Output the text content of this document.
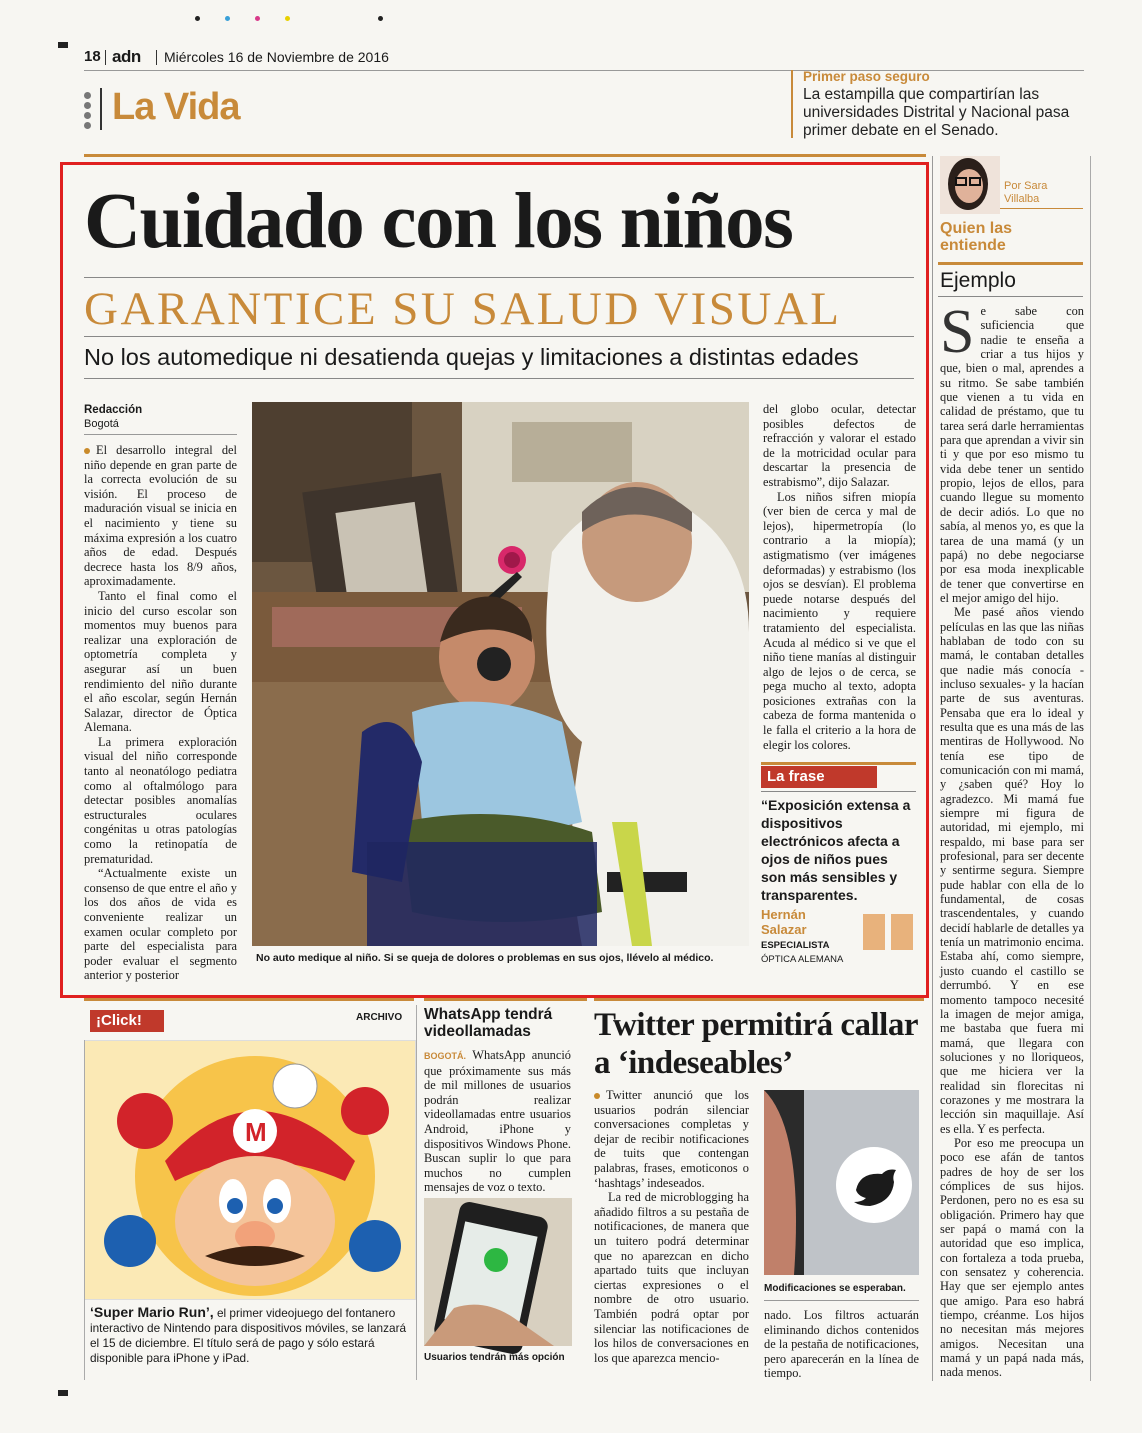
18 adn Miércoles 16 de Noviembre de 2016
La Vida
Primer paso seguro
La estampilla que compartirían las universidades Distrital y Nacional pasa primer debate en el Senado.
Cuidado con los niños
GARANTICE SU SALUD VISUAL
No los automedique ni desatienda quejas y limitaciones a distintas edades
Redacción
Bogotá

El desarrollo integral del niño depende en gran parte de la correcta evolución de su visión. El proceso de maduración visual se inicia en el nacimiento y tiene su máxima expresión a los cuatro años de edad. Después decrece hasta los 8/9 años, aproximadamente.

Tanto el final como el inicio del curso escolar son momentos muy buenos para realizar una exploración de optometría completa y asegurar así un buen rendimiento del niño durante el año escolar, según Hernán Salazar, director de Óptica Alemana.

La primera exploración visual del niño corresponde tanto al neonatólogo pediatra como al oftalmólogo para detectar posibles anomalías estructurales oculares congénitas u otras patologías como la retinopatía de prematuridad.

“Actualmente existe un consenso de que entre el año y los dos años de vida es conveniente realizar un examen ocular completo por parte del especialista para poder evaluar el segmento anterior y posterior

No auto medique al niño. Si se queja de dolores o problemas en sus ojos, llévelo al médico.

del globo ocular, detectar posibles defectos de refracción y valorar el estado de la motricidad ocular para descartar la presencia de estrabismo”, dijo Salazar.

Los niños sifren miopía (ver bien de cerca y mal de lejos), hipermetropía (lo contrario a la miopía); astigmatismo (ver imágenes deformadas) y estrabismo (los ojos se desvían). El problema puede notarse después del nacimiento y requiere tratamiento del especialista. Acuda al médico si ve que el niño tiene manías al distinguir algo de lejos o de cerca, se pega mucho al texto, adopta posiciones extrañas con la cabeza de forma mantenida o le falla el criterio a la hora de elegir los colores.

La frase
“Exposición extensa a dispositivos electrónicos afecta a ojos de niños pues son más sensibles y transparentes.
Hernán Salazar
ESPECIALISTA
ÓPTICA ALEMANA
Por Sara Villalba
Quien las entiende
Ejemplo

Se sabe con suficiencia que nadie te enseña a criar a tus hijos y que, bien o mal, aprendes a su ritmo. Se sabe también que vienen a tu vida en calidad de préstamo, que tu tarea será darle herramientas para que aprendan a vivir sin ti y que por eso mismo tu vida debe tener un sentido propio, lejos de ellos, para cuando llegue su momento de decir adiós. Lo que no sabía, al menos yo, es que la tarea de una mamá (y un papá) no debe negociarse por esa moda inexplicable de tener que convertirse en el mejor amigo del hijo.

Me pasé años viendo películas en las que las niñas hablaban de todo con su mamá, le contaban detalles que nadie más conocía -incluso sexuales- y la hacían parte de sus aventuras. Pensaba que era lo ideal y resulta que es una más de las mentiras de Hollywood. No tenía ese tipo de comunicación con mi mamá, y ¿saben qué? Hoy lo agradezco. Mi mamá fue siempre mi figura de autoridad, mi ejemplo, mi respaldo, mi base para ser profesional, para ser decente y sentirme segura. Siempre pude hablar con ella de lo fundamental, de cosas trascendentales, y cuando decidí hablarle de detalles ya tenía un matrimonio encima. Estaba ahí, como siempre, justo cuando el castillo se derrumbó. Y en ese momento tampoco necesité la imagen de mejor amiga, me bastaba que fuera mi mamá, que llegara con soluciones y no lloriqueos, que me hiciera ver la realidad sin florecitas ni corazones y me mostrara la lección sin maquillaje. Así es ella. Y es perfecta.

Por eso me preocupa un poco ese afán de tantos padres de hoy de ser los cómplices de sus hijos. Perdonen, pero no es esa su obligación. Primero hay que ser papá o mamá con la autoridad que eso implica, con fortaleza a toda prueba, con sensatez y coherencia. Hay que ser ejemplo antes que amigo. Para eso habrá tiempo, créanme. Los hijos no necesitan más mejores amigos. Necesitan una mamá y un papá nada más, nada menos.

¡Click!	ARCHIVO
M
‘Super Mario Run’, el primer videojuego del fontanero interactivo de Nintendo para dispositivos móviles, se lanzará el 15 de diciembre. El título será de pago y sólo estará disponible para iPhone y iPad.
WhatsApp tendrá videollamadas
BOGOTÁ. WhatsApp anunció que próximamente sus más de mil millones de usuarios podrán realizar videollamadas entre usuarios Android, iPhone y dispositivos Windows Phone. Buscan suplir lo que para muchos no cumplen mensajes de voz o texto.
Usuarios tendrán más opción
Twitter permitirá callar a ‘indeseables’

Twitter anunció que los usuarios podrán silenciar conversaciones completas y dejar de recibir notificaciones de tuits que contengan palabras, frases, emoticonos o ‘hashtags’ indeseados.

La red de microblogging ha añadido filtros a su pestaña de notificaciones, de manera que un tuitero podrá determinar que no aparezcan en dicho apartado tuits que incluyan ciertas expresiones o el nombre de otro usuario. También podrá optar por silenciar las notificaciones de los hilos de conversaciones en los que aparezca mencio-

Modificaciones se esperaban.

nado. Los filtros actuarán eliminando dichos contenidos de la pestaña de notificaciones, pero aparecerán en la línea de tiempo.
